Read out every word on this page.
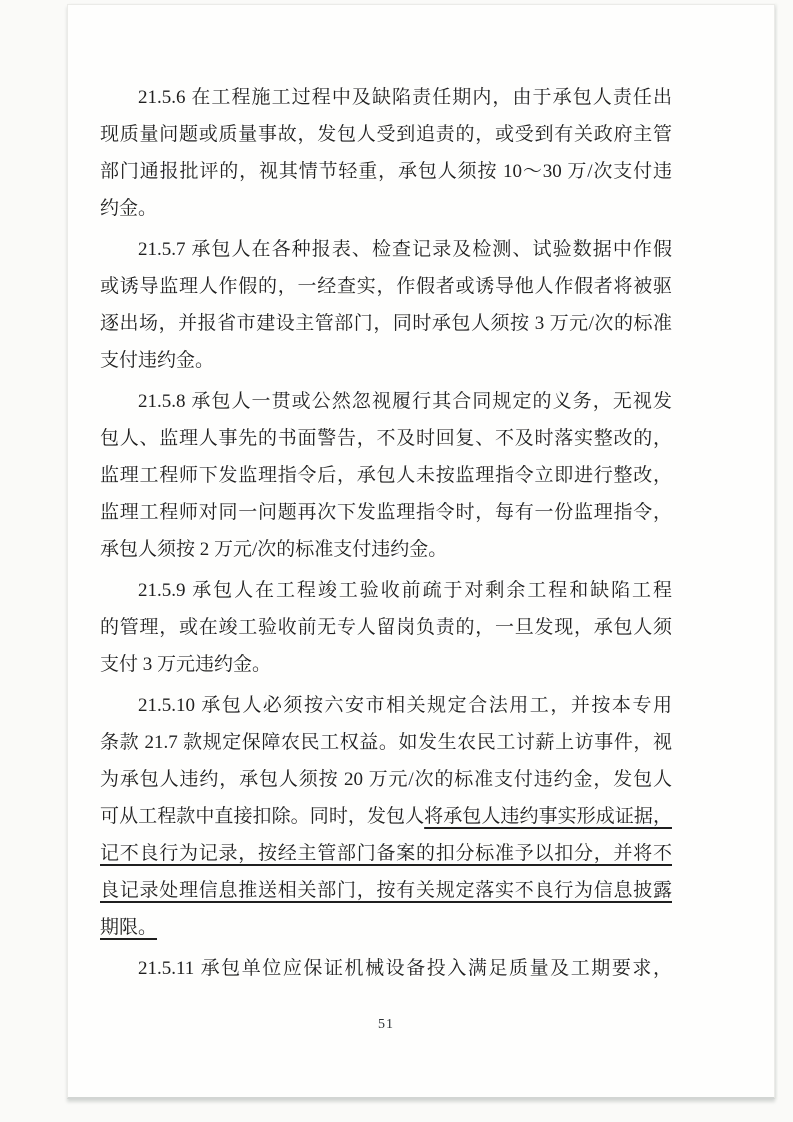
21.5.6 在工程施工过程中及缺陷责任期内，由于承包人责任出
现质量问题或质量事故，发包人受到追责的，或受到有关政府主管
部门通报批评的，视其情节轻重，承包人须按 10～30 万/次支付违
约金。
21.5.7 承包人在各种报表、检查记录及检测、试验数据中作假
或诱导监理人作假的，一经查实，作假者或诱导他人作假者将被驱
逐出场，并报省市建设主管部门，同时承包人须按 3 万元/次的标准
支付违约金。
21.5.8 承包人一贯或公然忽视履行其合同规定的义务，无视发
包人、监理人事先的书面警告，不及时回复、不及时落实整改的，
监理工程师下发监理指令后，承包人未按监理指令立即进行整改，
监理工程师对同一问题再次下发监理指令时，每有一份监理指令，
承包人须按 2 万元/次的标准支付违约金。
21.5.9 承包人在工程竣工验收前疏于对剩余工程和缺陷工程
的管理，或在竣工验收前无专人留岗负责的，一旦发现，承包人须
支付 3 万元违约金。
21.5.10 承包人必须按六安市相关规定合法用工，并按本专用
条款 21.7 款规定保障农民工权益。如发生农民工讨薪上访事件，视
为承包人违约，承包人须按 20 万元/次的标准支付违约金，发包人
可从工程款中直接扣除。同时，发包人将承包人违约事实形成证据，
记不良行为记录，按经主管部门备案的扣分标准予以扣分，并将不
良记录处理信息推送相关部门，按有关规定落实不良行为信息披露
期限。
21.5.11 承包单位应保证机械设备投入满足质量及工期要求，
51
